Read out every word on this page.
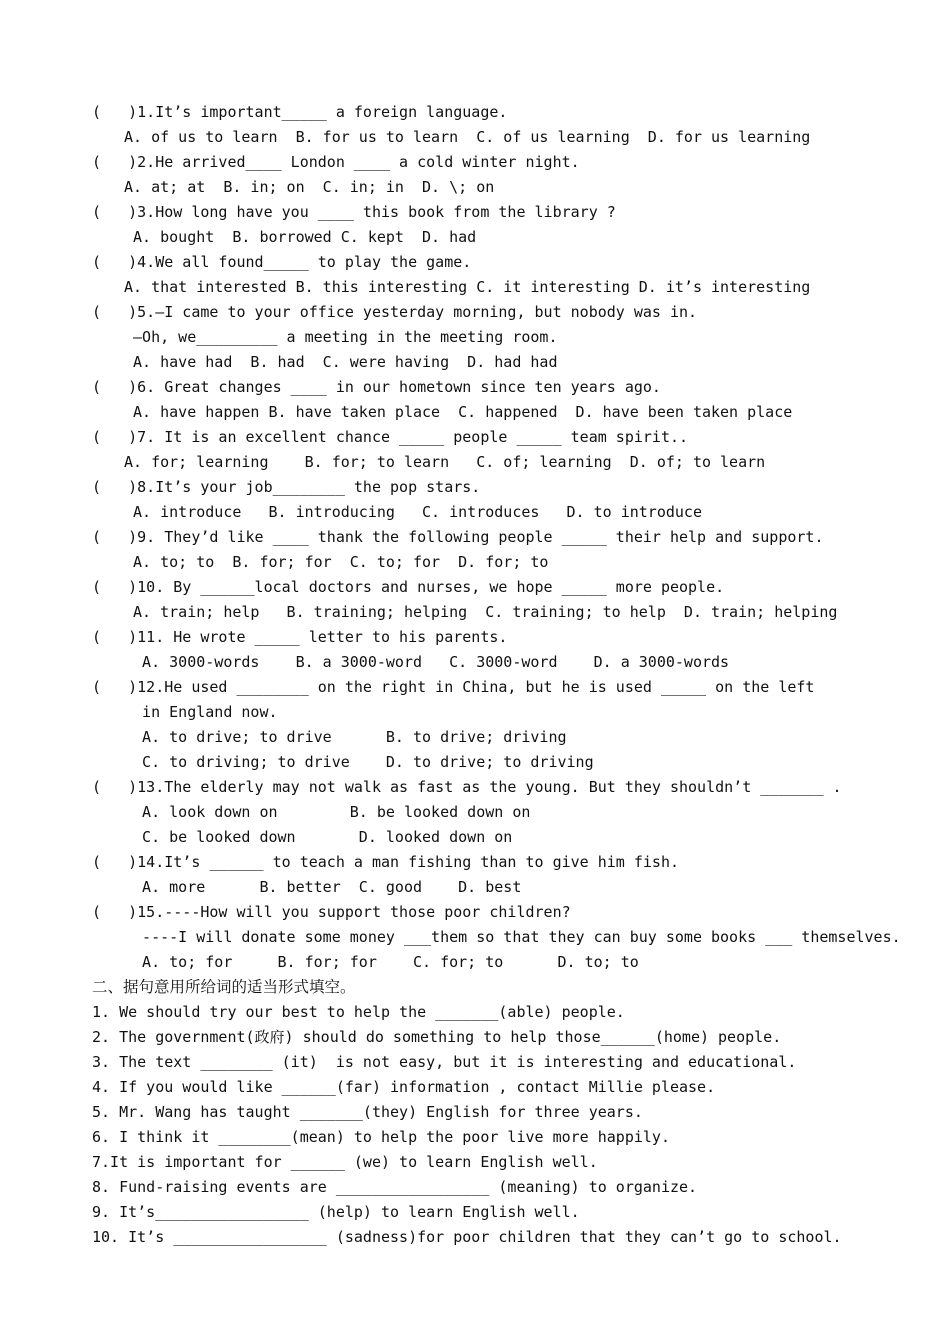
(   )1.It’s important_____ a foreign language.
A. of us to learn  B. for us to learn  C. of us learning  D. for us learning
(   )2.He arrived____ London ____ a cold winter night.
A. at; at  B. in; on  C. in; in  D. \; on
(   )3.How long have you ____ this book from the library ?
A. bought  B. borrowed C. kept  D. had
(   )4.We all found_____ to play the game.
A. that interested B. this interesting C. it interesting D. it’s interesting
(   )5.—I came to your office yesterday morning, but nobody was in.
—Oh, we_________ a meeting in the meeting room.
A. have had  B. had  C. were having  D. had had
(   )6. Great changes ____ in our hometown since ten years ago.
A. have happen B. have taken place  C. happened  D. have been taken place
(   )7. It is an excellent chance _____ people _____ team spirit..
A. for; learning    B. for; to learn   C. of; learning  D. of; to learn
(   )8.It’s your job________ the pop stars.
A. introduce   B. introducing   C. introduces   D. to introduce
(   )9. They’d like ____ thank the following people _____ their help and support.
A. to; to  B. for; for  C. to; for  D. for; to
(   )10. By ______local doctors and nurses, we hope _____ more people.
A. train; help   B. training; helping  C. training; to help  D. train; helping
(   )11. He wrote _____ letter to his parents.
A. 3000-words    B. a 3000-word   C. 3000-word    D. a 3000-words
(   )12.He used ________ on the right in China, but he is used _____ on the left
in England now.
A. to drive; to drive      B. to drive; driving
C. to driving; to drive    D. to drive; to driving
(   )13.The elderly may not walk as fast as the young. But they shouldn’t _______ .
A. look down on        B. be looked down on
C. be looked down       D. looked down on
(   )14.It’s ______ to teach a man fishing than to give him fish.
A. more      B. better  C. good    D. best
(   )15.----How will you support those poor children?
----I will donate some money ___them so that they can buy some books ___ themselves.
A. to; for     B. for; for    C. for; to      D. to; to
二、据句意用所给词的适当形式填空。
1. We should try our best to help the _______(able) people.
2. The government(政府) should do something to help those______(home) people.
3. The text ________ (it)  is not easy, but it is interesting and educational.
4. If you would like ______(far) information , contact Millie please.
5. Mr. Wang has taught _______(they) English for three years.
6. I think it ________(mean) to help the poor live more happily.
7.It is important for ______ (we) to learn English well.
8. Fund-raising events are _________________ (meaning) to organize.
9. It’s_________________ (help) to learn English well.
10. It’s _________________ (sadness)for poor children that they can’t go to school.
